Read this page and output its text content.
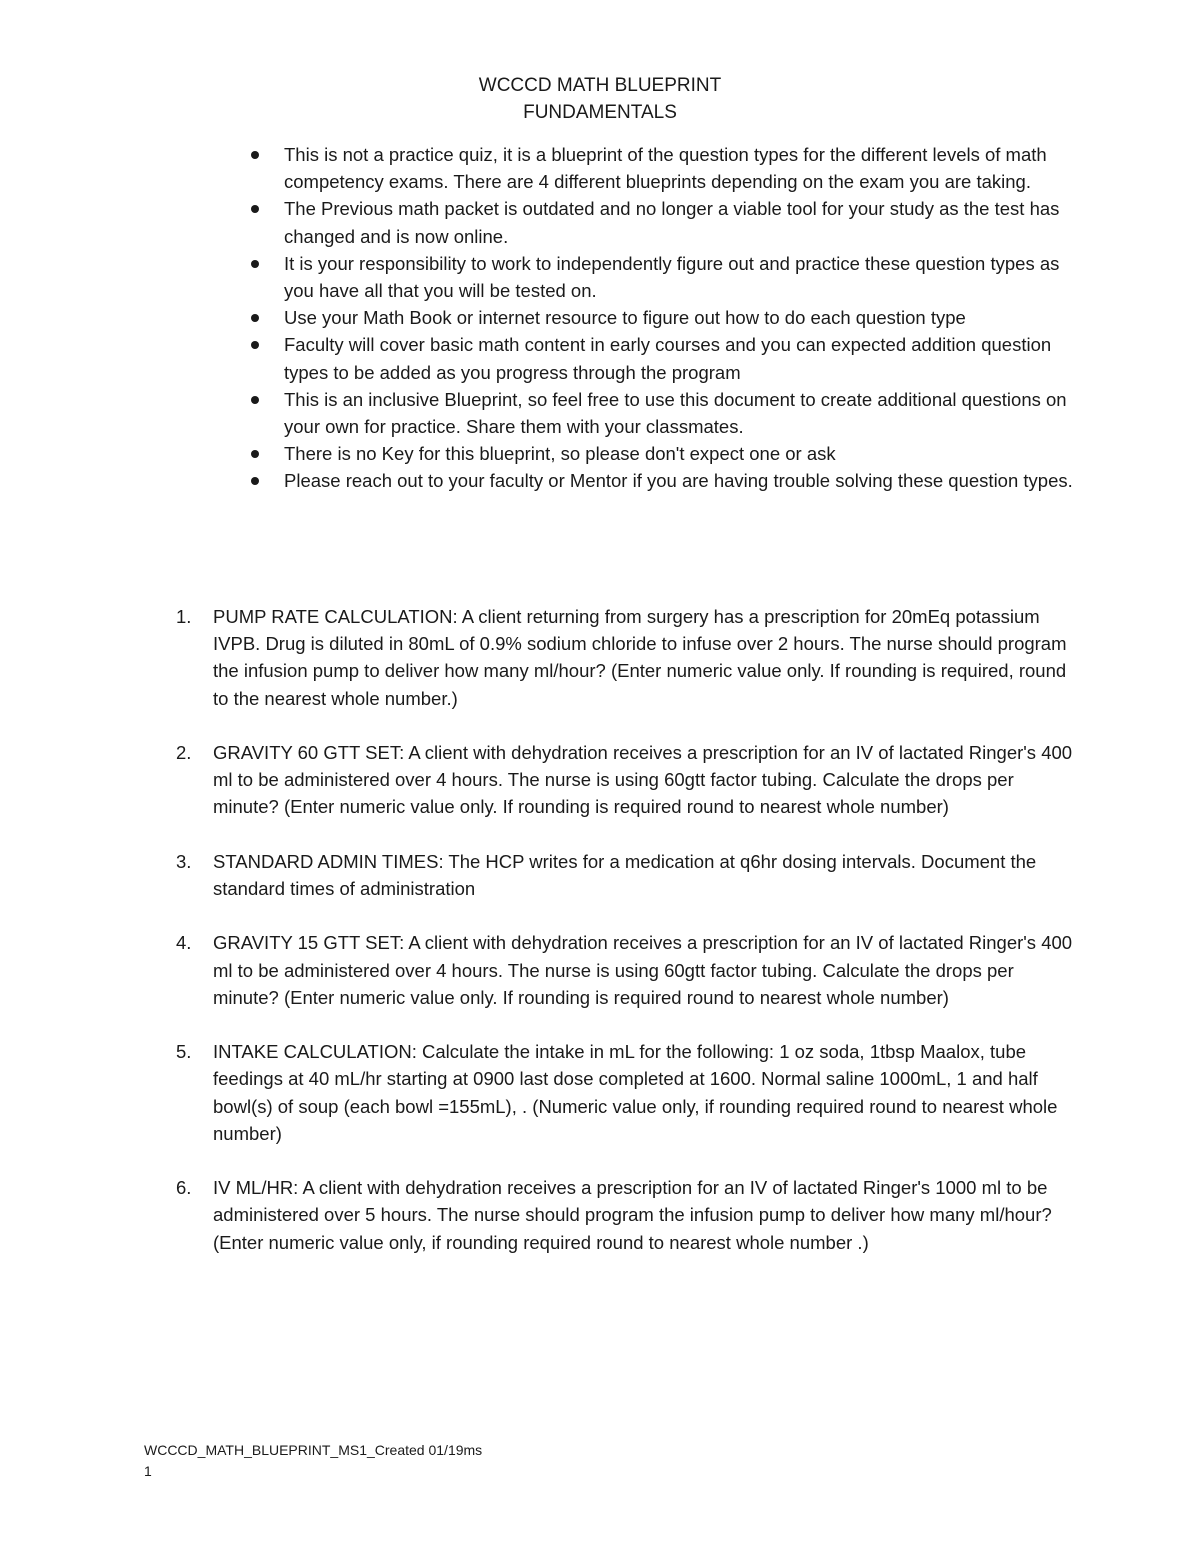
WCCCD MATH BLUEPRINT
FUNDAMENTALS
This is not a practice quiz, it is a blueprint of the question types for the different levels of math competency exams. There are 4 different blueprints depending on the exam you are taking.
The Previous math packet is outdated and no longer a viable tool for your study as the test has changed and is now online.
It is your responsibility to work to independently figure out and practice these question types as you have all that you will be tested on.
Use your Math Book or internet resource to figure out how to do each question type
Faculty will cover basic math content in early courses and you can expected addition question types to be added as you progress through the program
This is an inclusive Blueprint, so feel free to use this document to create additional questions on your own for practice. Share them with your classmates.
There is no Key for this blueprint, so please don't expect one or ask
Please reach out to your faculty or Mentor if you are having trouble solving these question types.
1. PUMP RATE CALCULATION: A client returning from surgery has a prescription for 20mEq potassium IVPB. Drug is diluted in 80mL of 0.9% sodium chloride to infuse over 2 hours. The nurse should program the infusion pump to deliver how many ml/hour? (Enter numeric value only. If rounding is required, round to the nearest whole number.)
2. GRAVITY 60 GTT SET: A client with dehydration receives a prescription for an IV of lactated Ringer's 400 ml to be administered over 4 hours. The nurse is using 60gtt factor tubing. Calculate the drops per minute? (Enter numeric value only. If rounding is required round to nearest whole number)
3. STANDARD ADMIN TIMES: The HCP writes for a medication at q6hr dosing intervals. Document the standard times of administration
4. GRAVITY 15 GTT SET: A client with dehydration receives a prescription for an IV of lactated Ringer's 400 ml to be administered over 4 hours. The nurse is using 60gtt factor tubing. Calculate the drops per minute? (Enter numeric value only. If rounding is required round to nearest whole number)
5. INTAKE CALCULATION: Calculate the intake in mL for the following: 1 oz soda, 1tbsp Maalox, tube feedings at 40 mL/hr starting at 0900 last dose completed at 1600. Normal saline 1000mL, 1 and half bowl(s) of soup (each bowl =155mL), . (Numeric value only, if rounding required round to nearest whole number)
6. IV ML/HR: A client with dehydration receives a prescription for an IV of lactated Ringer's 1000 ml to be administered over 5 hours. The nurse should program the infusion pump to deliver how many ml/hour? (Enter numeric value only, if rounding required round to nearest whole number .)
WCCCD_MATH_BLUEPRINT_MS1_Created 01/19ms
1
